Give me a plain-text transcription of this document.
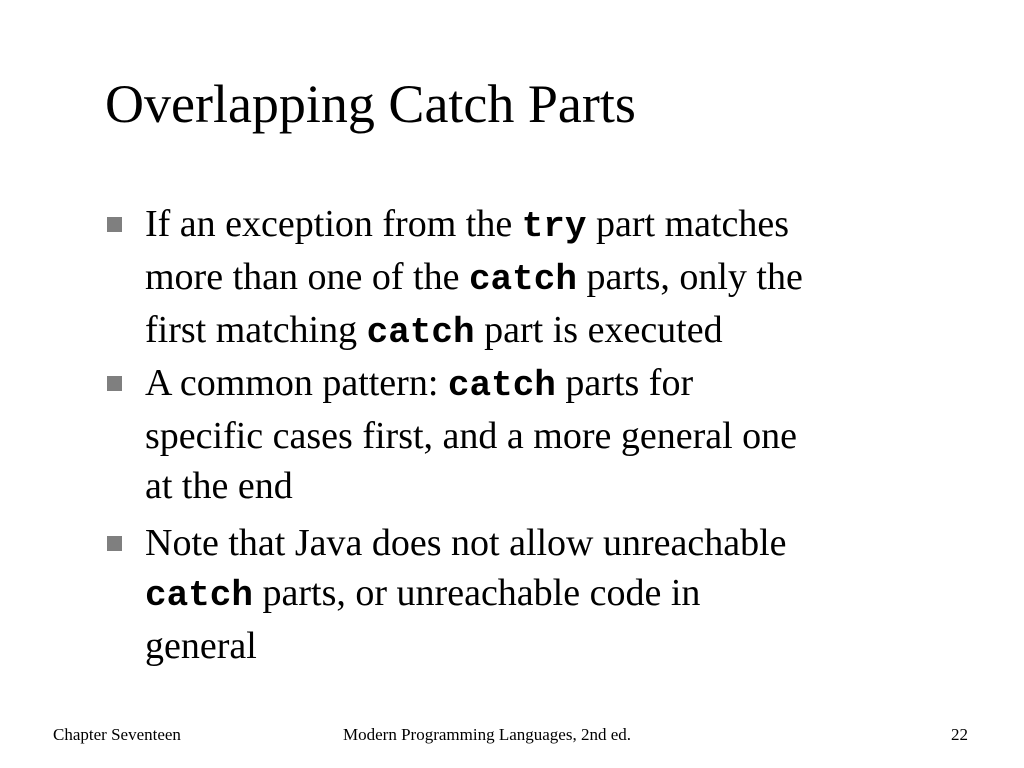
Overlapping Catch Parts
If an exception from the try part matches
more than one of the catch parts, only the
first matching catch part is executed
A common pattern: catch parts for
specific cases first, and a more general one
at the end
Note that Java does not allow unreachable
catch parts, or unreachable code in
general
Chapter Seventeen	Modern Programming Languages, 2nd ed.	22
